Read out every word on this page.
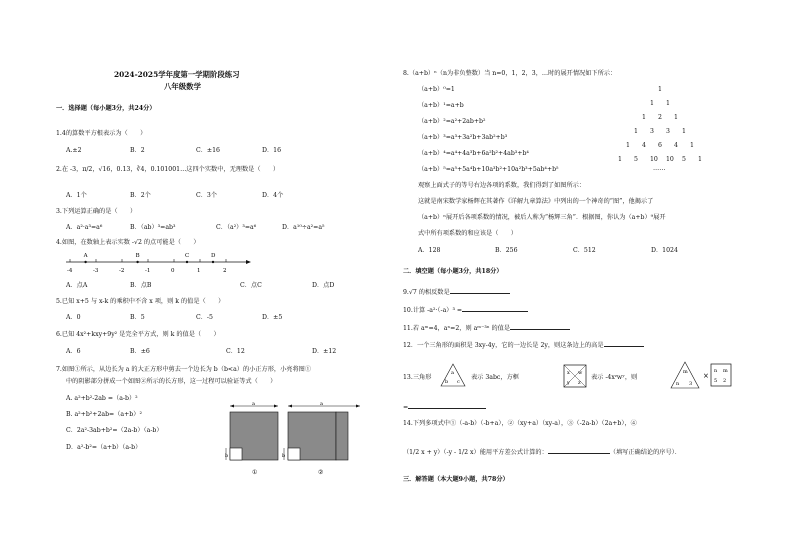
2024-2025学年度第一学期阶段练习
八年级数学
一．选择题（每小题3分，共24分）
1.4的算数平方根表示为（　　）
A.±2	B．2	C．±16	D．16
2.在 -3，π/2，√16，0.13，∛4，0.101001…这四个实数中，无理数是（　　）
A．1个	B．2个	C．3个	D．4个
3.下列运算正确的是（　　）
A．a²·a³=a⁶	B．（ab）³=ab³	C．（a²）³=a⁶	D．a¹⁰÷a²=a⁵
4.如图，在数轴上表示实数 -√2 的点可能是（　　）
-4	-3	-2	-1	0	1	2
A	B	C	D
A．点A	B．点B	C．点C	D．点D
5.已知 x+5 与 x-k 的乘积中不含 x 项，则 k 的值是（　　）
A．0	B．5	C．-5	D．±5
6.已知 4x²+kxy+9y² 是完全平方式，则 k 的值是（　　）
A．6	B．±6	C．12	D．±12
7.如图①所示，从边长为 a 的大正方形中剪去一个边长为 b（b<a）的小正方形，小亮将图①
中的阴影部分拼成一个如图②所示的长方形，这一过程可以验证等式（　　）
A. a²+b²-2ab =（a-b）²
B. a²+b²+2ab=（a+b）²
C．2a²-3ab+b²=（2a-b）（a-b）
D．a²-b²=（a+b）（a-b）
a	a
b	b
①	②
8.（a+b）ⁿ（n为非负整数）当 n=0，1，2，3，…时的展开情况如下所示：
（a+b）⁰=1
（a+b）¹=a+b
（a+b）²=a²+2ab+b²
（a+b）³=a³+3a²b+3ab²+b³
（a+b）⁴=a⁴+4a³b+6a²b²+4ab³+b⁴
（a+b）⁵=a⁵+5a⁴b+10a³b²+10a²b³+5ab⁴+b⁵
1
1 1
1 2 1
1 3 3 1
1 4 6 4 1
1 5 10 10 5 1
……
观察上面式子的等号右边各项的系数，我们得到了如图所示：
这就是南宋数学家杨辉在其著作《详解九章算法》中列出的一个神奇的“图”，他揭示了
（a+b）ⁿ展开后各项系数的情况，被后人称为“杨辉三角”．根据图，你认为（a+b）⁹展开
式中所有项系数的和应该是（　　）
A．128	B．256	C．512	D．1024
二．填空题（每小题3分，共18分）
9.√7 的相反数是
10.计算 -a²·（-a）³ =
11.若 aᵐ=4，aⁿ=2，则 aᵐ⁻³ⁿ 的值是
12．一个三角形的面积是 3xy-4y，它的一边长是 2y，则这条边上的高是
13.三角形
a
b c
表示 3abc，方框
x w
y z
表示 -4xᶻwʸ，则
m
n 3
×
n m
5 2
=
14.下列多项式中①（-a-b）（-b+a），②（xy+a）（xy-a），③（-2a-b）（2a+b），④
（1/2 x + y）（-y - 1/2 x）能用平方差公式计算的：	（填写正确结论的序号）．
三．解答题（本大题9小题，共78分）
